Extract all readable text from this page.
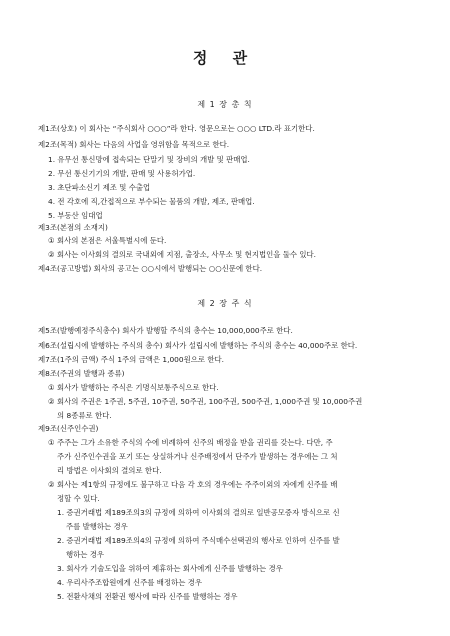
정 관
제 1 장 총 칙
제1조(상호) 이 회사는 “주식회사 ○○○”라 한다. 영문으로는 ○○○ LTD.라 표기한다.
제2조(목적) 회사는 다음의 사업을 영위함을 목적으로 한다.
1. 유무선 통신망에 접속되는 단말기 및 장비의 개발 및 판매업.
2. 무선 통신기기의 개발, 판매 및 사용허가업.
3. 초단파소신기 제조 및 수출업
4. 전 각호에 직,간접적으로 부수되는 물품의 개발, 제조, 판매업.
5. 부동산 임대업
제3조(본점의 소재지)
① 회사의 본점은 서울특별시에 둔다.
② 회사는 이사회의 결의로 국내외에 지점, 출장소, 사무소 및 현지법인을 둘수 있다.
제4조(공고방법) 회사의 공고는 ○○시에서 발행되는 ○○신문에 한다.
제 2 장 주 식
제5조(발행예정주식총수) 회사가 발행할 주식의 총수는 10,000,000주로 한다.
제6조(설립시에 발행하는 주식의 총수) 회사가 설립시에 발행하는 주식의 총수는 40,000주로 한다.
제7조(1주의 금액) 주식 1주의 금액은 1,000원으로 한다.
제8조(주권의 발행과 종류)
① 회사가 발행하는 주식은 기명식보통주식으로 한다.
② 회사의 주권은 1주권, 5주권, 10주권, 50주권, 100주권, 500주권, 1,000주권 및 10,000주권
의 8종류로 한다.
제9조(신주인수권)
① 주주는 그가 소유한 주식의 수에 비례하여 신주의 배정을 받을 권리를 갖는다. 다만, 주
주가 신주인수권을 포기 또는 상실하거나 신주배정에서 단주가 발생하는 경우에는 그 처
리 방법은 이사회의 결의로 한다.
② 회사는 제1항의 규정에도 불구하고 다음 각 호의 경우에는 주주이외의 자에게 신주를 배
정할 수 있다.
1. 증권거래법 제189조의3의 규정에 의하여 이사회의 결의로 일반공모증자 방식으로 신
주를 발행하는 경우
2. 증권거래법 제189조의4의 규정에 의하여 주식매수선택권의 행사로 인하여 신주를 발
행하는 경우
3. 회사가 기술도입을 위하여 제휴하는 회사에게 신주를 발행하는 경우
4. 우리사주조합원에게 신주를 배정하는 경우
5. 전환사채의 전환권 행사에 따라 신주를 발행하는 경우
